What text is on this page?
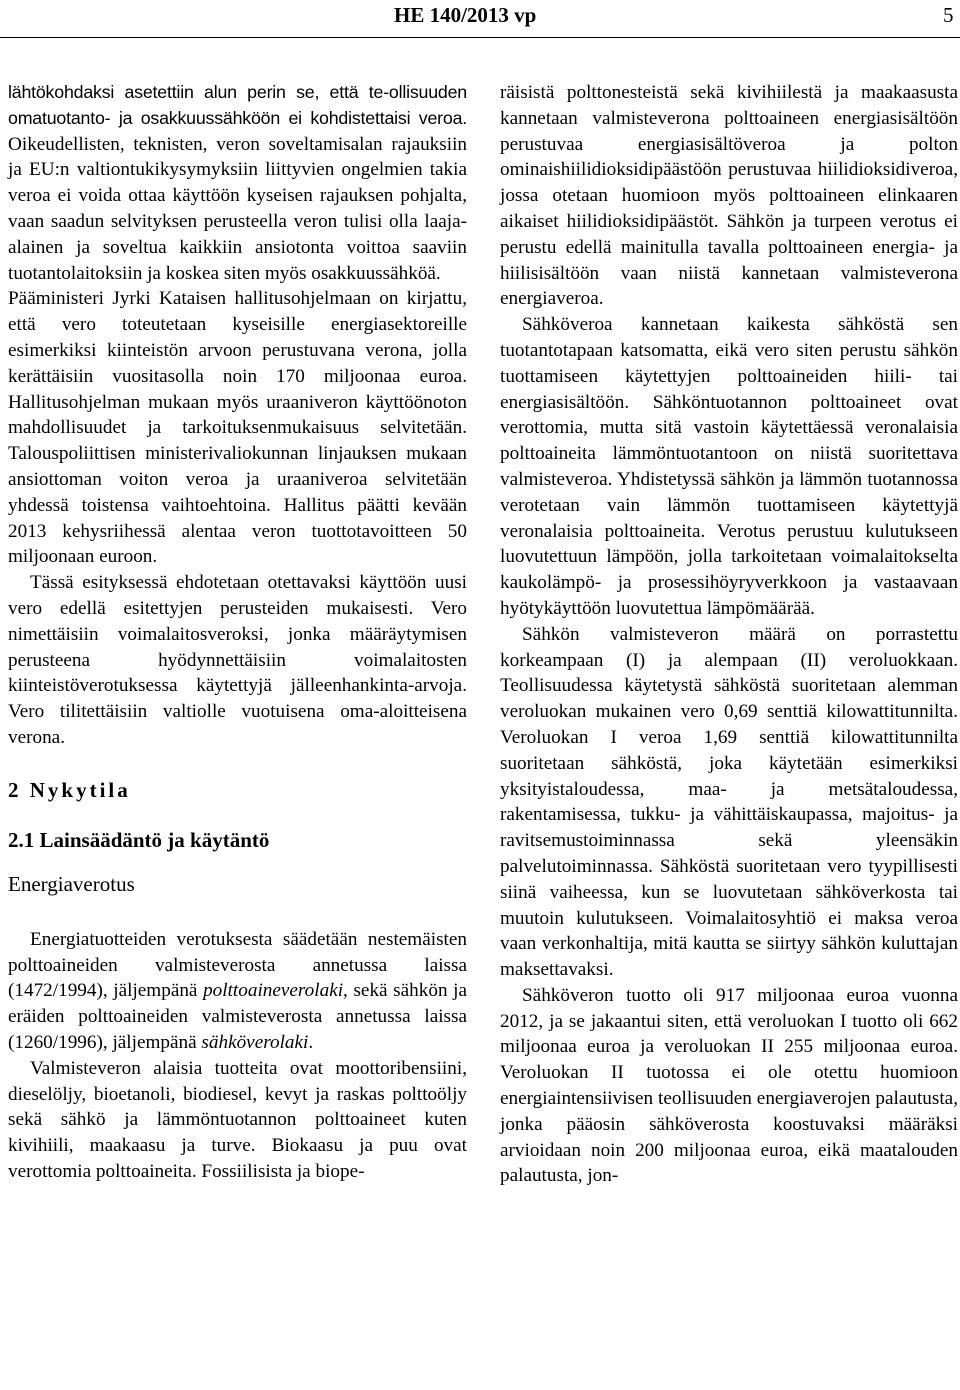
HE 140/2013 vp	5

lähtökohdaksi asetettiin alun perin se, että te-ollisuuden omatuotanto- ja osakkuussähköön ei kohdistettaisi veroa. Oikeudellisten, teknisten, veron soveltamisalan rajauksiin ja EU:n valtiontukikysymyksiin liittyvien ongelmien takia veroa ei voida ottaa käyttöön kyseisen rajauksen pohjalta, vaan saadun selvityksen perusteella veron tulisi olla laaja-alainen ja soveltua kaikkiin ansiotonta voittoa saaviin tuotantolaitoksiin ja koskea siten myös osakkuussähköä.

Pääministeri Jyrki Kataisen hallitusohjelmaan on kirjattu, että vero toteutetaan kyseisille energiasektoreille esimerkiksi kiinteistön arvoon perustuvana verona, jolla kerättäisiin vuositasolla noin 170 miljoonaa euroa. Hallitusohjelman mukaan myös uraaniveron käyttöönoton mahdollisuudet ja tarkoituksenmukaisuus selvitetään. Talouspoliittisen ministerivaliokunnan linjauksen mukaan ansiottoman voiton veroa ja uraaniveroa selvitetään yhdessä toistensa vaihtoehtoina. Hallitus päätti kevään 2013 kehysriihessä alentaa veron tuottotavoitteen 50 miljoonaan euroon.

Tässä esityksessä ehdotetaan otettavaksi käyttöön uusi vero edellä esitettyjen perusteiden mukaisesti. Vero nimettäisiin voimalaitosveroksi, jonka määräytymisen perusteena hyödynnettäisiin voimalaitosten kiinteistöverotuksessa käytettyjä jälleenhankinta-arvoja. Vero tilitettäisiin valtiolle vuotuisena oma-aloitteisena verona.

2 Nykytila
2.1 Lainsäädäntö ja käytäntö
Energiaverotus

Energiatuotteiden verotuksesta säädetään nestemäisten polttoaineiden valmisteverosta annetussa laissa (1472/1994), jäljempänä polttoaineverolaki, sekä sähkön ja eräiden polttoaineiden valmisteverosta annetussa laissa (1260/1996), jäljempänä sähköverolaki.

Valmisteveron alaisia tuotteita ovat moottoribensiini, dieselöljy, bioetanoli, biodiesel, kevyt ja raskas polttoöljy sekä sähkö ja lämmöntuotannon polttoaineet kuten kivihiili, maakaasu ja turve. Biokaasu ja puu ovat verottomia polttoaineita. Fossiilisista ja biope-

räisistä polttonesteistä sekä kivihiilestä ja maakaasusta kannetaan valmisteverona polttoaineen energiasisältöön perustuvaa energiasisältöveroa ja polton ominaishiilidioksidipäästöön perustuvaa hiilidioksidiveroa, jossa otetaan huomioon myös polttoaineen elinkaaren aikaiset hiilidioksidipäästöt. Sähkön ja turpeen verotus ei perustu edellä mainitulla tavalla polttoaineen energia- ja hiilisisältöön vaan niistä kannetaan valmisteverona energiaveroa.

Sähköveroa kannetaan kaikesta sähköstä sen tuotantotapaan katsomatta, eikä vero siten perustu sähkön tuottamiseen käytettyjen polttoaineiden hiili- tai energiasisältöön. Sähköntuotannon polttoaineet ovat verottomia, mutta sitä vastoin käytettäessä veronalaisia polttoaineita lämmöntuotantoon on niistä suoritettava valmisteveroa. Yhdistetyssä sähkön ja lämmön tuotannossa verotetaan vain lämmön tuottamiseen käytettyjä veronalaisia polttoaineita. Verotus perustuu kulutukseen luovutettuun lämpöön, jolla tarkoitetaan voimalaitokselta kaukolämpö- ja prosessihöyryverkkoon ja vastaavaan hyötykäyttöön luovutettua lämpömäärää.

Sähkön valmisteveron määrä on porrastettu korkeampaan (I) ja alempaan (II) veroluokkaan. Teollisuudessa käytetystä sähköstä suoritetaan alemman veroluokan mukainen vero 0,69 senttiä kilowattitunnilta. Veroluokan I veroa 1,69 senttiä kilowattitunnilta suoritetaan sähköstä, joka käytetään esimerkiksi yksityistaloudessa, maa- ja metsätaloudessa, rakentamisessa, tukku- ja vähittäiskaupassa, majoitus- ja ravitsemustoiminnassa sekä yleensäkin palvelutoiminnassa. Sähköstä suoritetaan vero tyypillisesti siinä vaiheessa, kun se luovutetaan sähköverkosta tai muutoin kulutukseen. Voimalaitosyhtiö ei maksa veroa vaan verkonhaltija, mitä kautta se siirtyy sähkön kuluttajan maksettavaksi.

Sähköveron tuotto oli 917 miljoonaa euroa vuonna 2012, ja se jakaantui siten, että veroluokan I tuotto oli 662 miljoonaa euroa ja veroluokan II 255 miljoonaa euroa. Veroluokan II tuotossa ei ole otettu huomioon energiaintensiivisen teollisuuden energiaverojen palautusta, jonka pääosin sähköverosta koostuvaksi määräksi arvioidaan noin 200 miljoonaa euroa, eikä maatalouden palautusta, jon-
